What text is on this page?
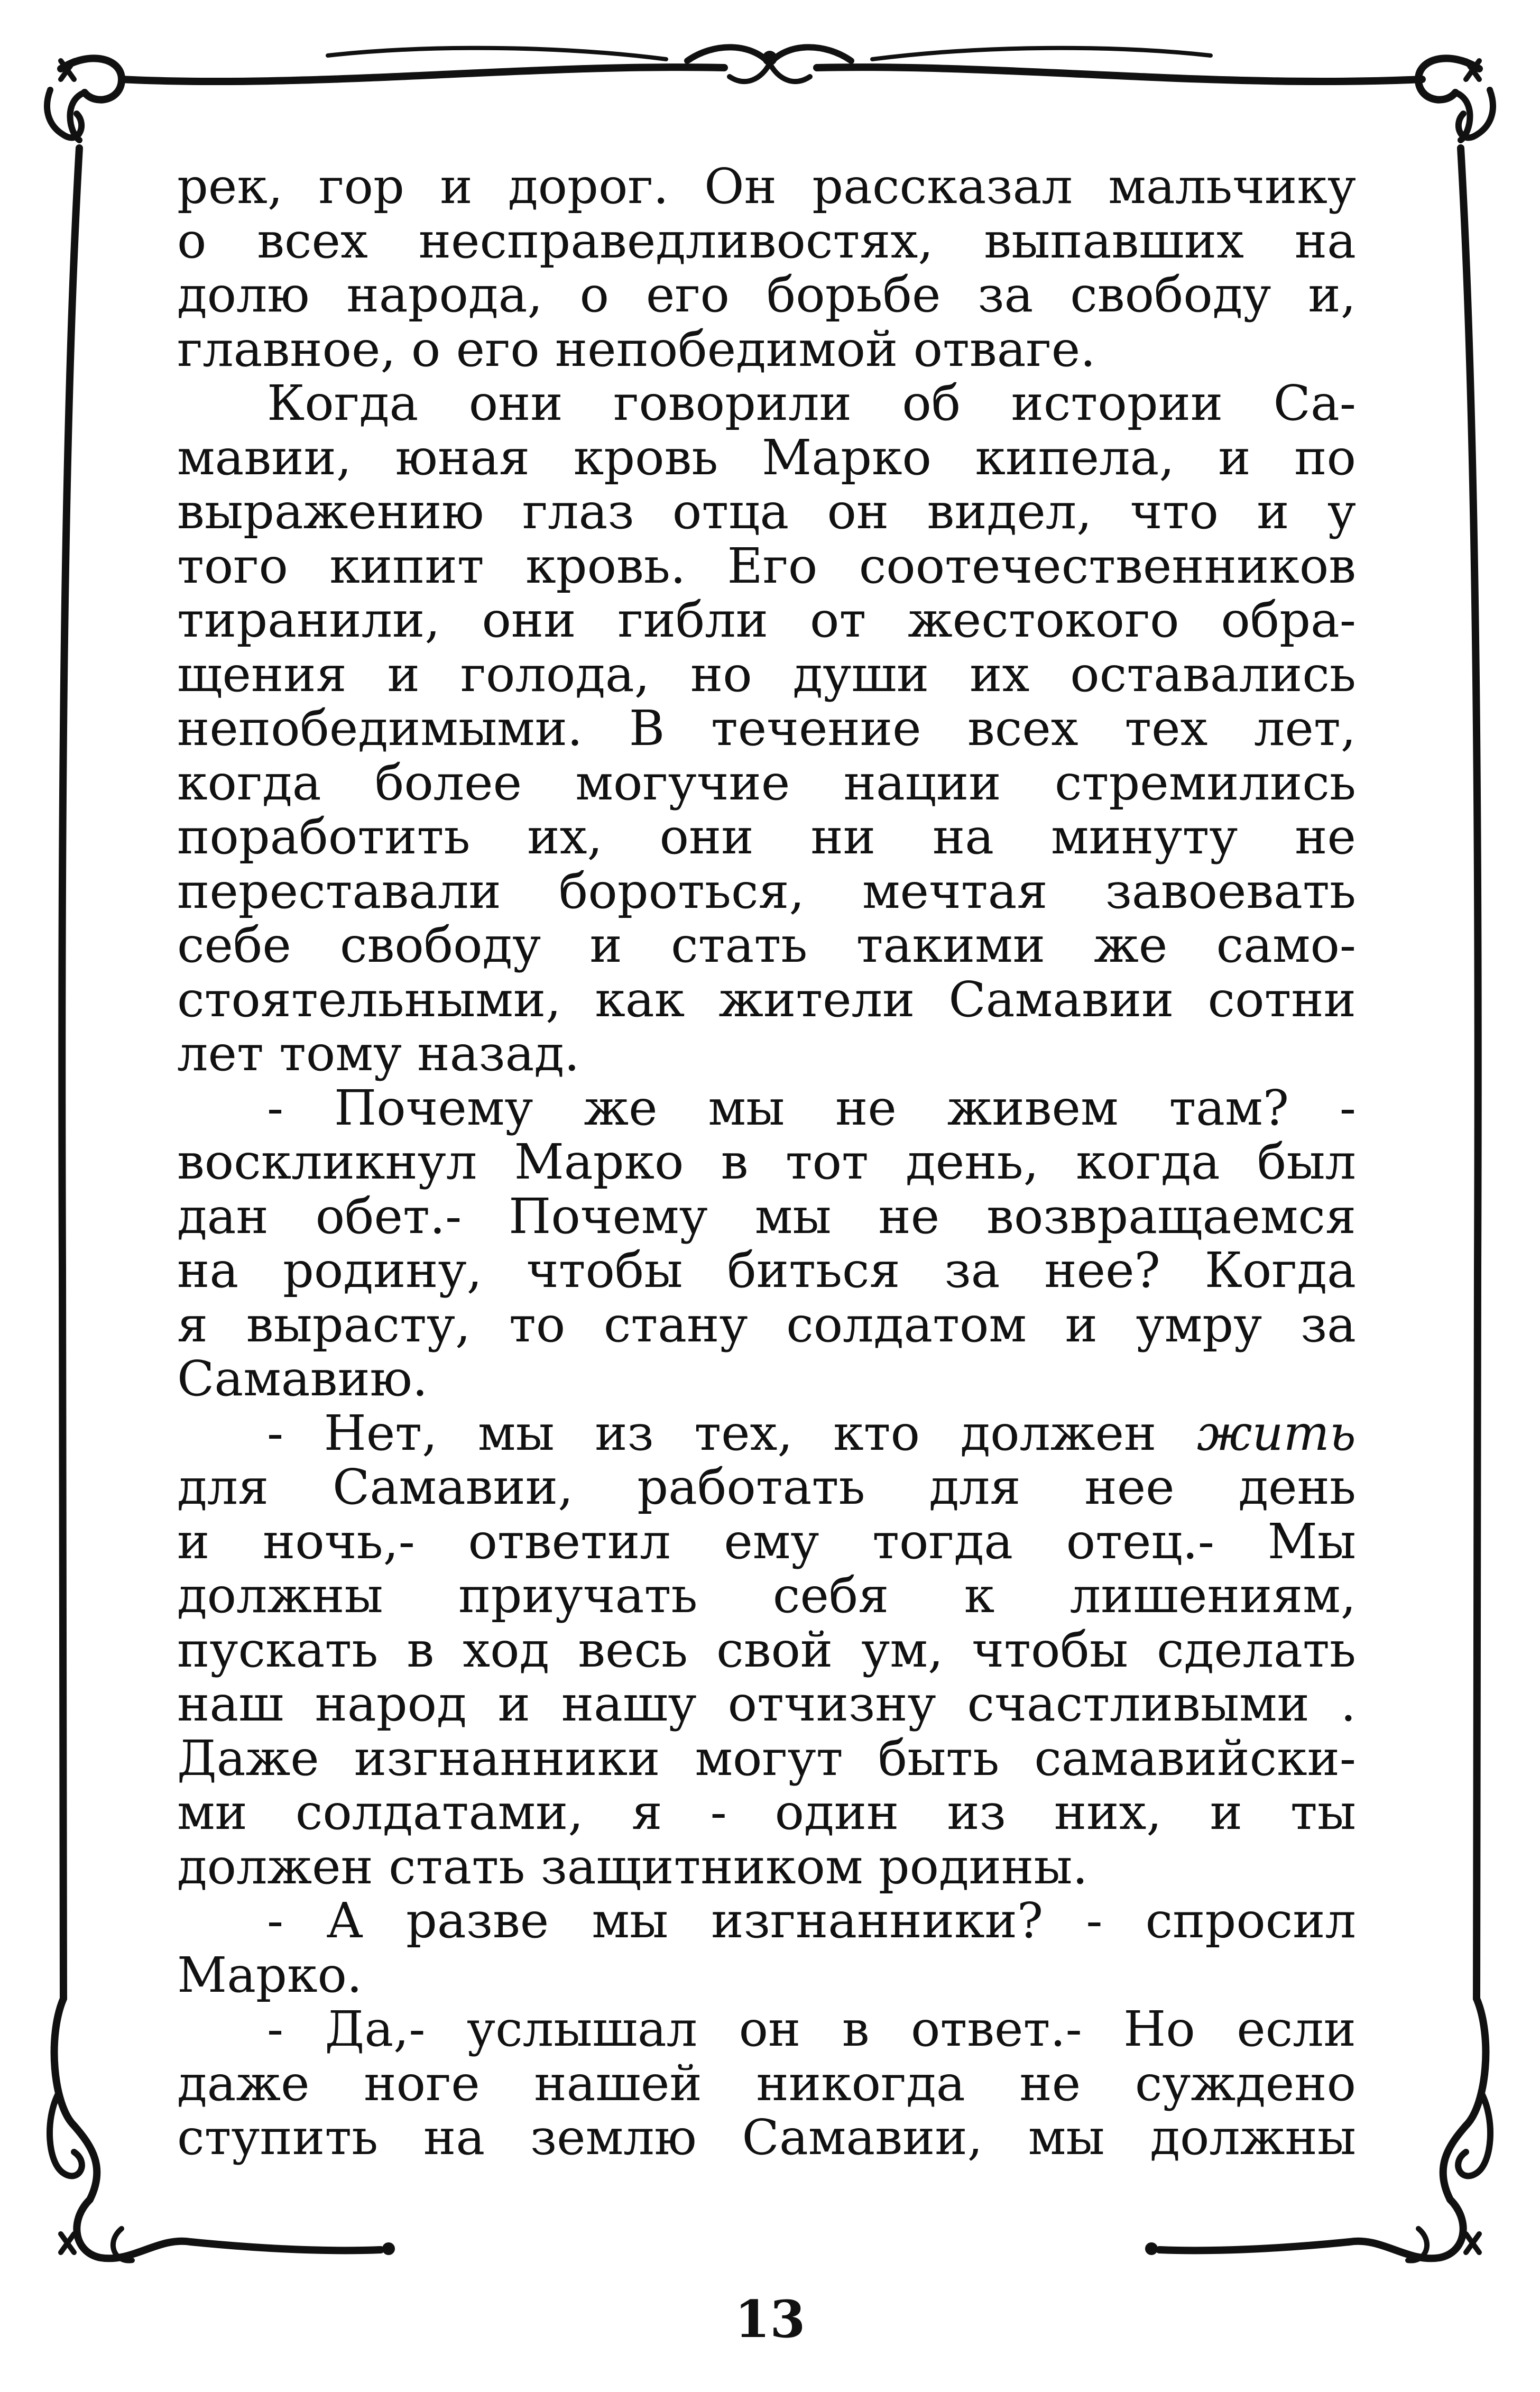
рек, гор и дорог. Он рассказал мальчику
о всех несправедливостях, выпавших на
долю народа, о его борьбе за свободу и,
главное, о его непобедимой отваге.
Когда они говорили об истории Са-
мавии, юная кровь Марко кипела, и по
выражению глаз отца он видел, что и у
того кипит кровь. Его соотечественников
тиранили, они гибли от жестокого обра-
щения и голода, но души их оставались
непобедимыми. В течение всех тех лет,
когда более могучие нации стремились
поработить их, они ни на минуту не
переставали бороться, мечтая завоевать
себе свободу и стать такими же само-
стоятельными, как жители Самавии сотни
лет тому назад.
- Почему же мы не живем там? -
воскликнул Марко в тот день, когда был
дан обет.- Почему мы не возвращаемся
на родину, чтобы биться за нее? Когда
я вырасту, то стану солдатом и умру за
Самавию.
- Нет, мы из тех, кто должен жить
для Самавии, работать для нее день
и ночь,- ответил ему тогда отец.- Мы
должны приучать себя к лишениям,
пускать в ход весь свой ум, чтобы сделать
наш народ и нашу отчизну счастливыми .
Даже изгнанники могут быть самавийски-
ми солдатами, я - один из них, и ты
должен стать защитником родины.
- А разве мы изгнанники? - спросил
Марко.
- Да,- услышал он в ответ.- Но если
даже ноге нашей никогда не суждено
ступить на землю Самавии, мы должны
13
